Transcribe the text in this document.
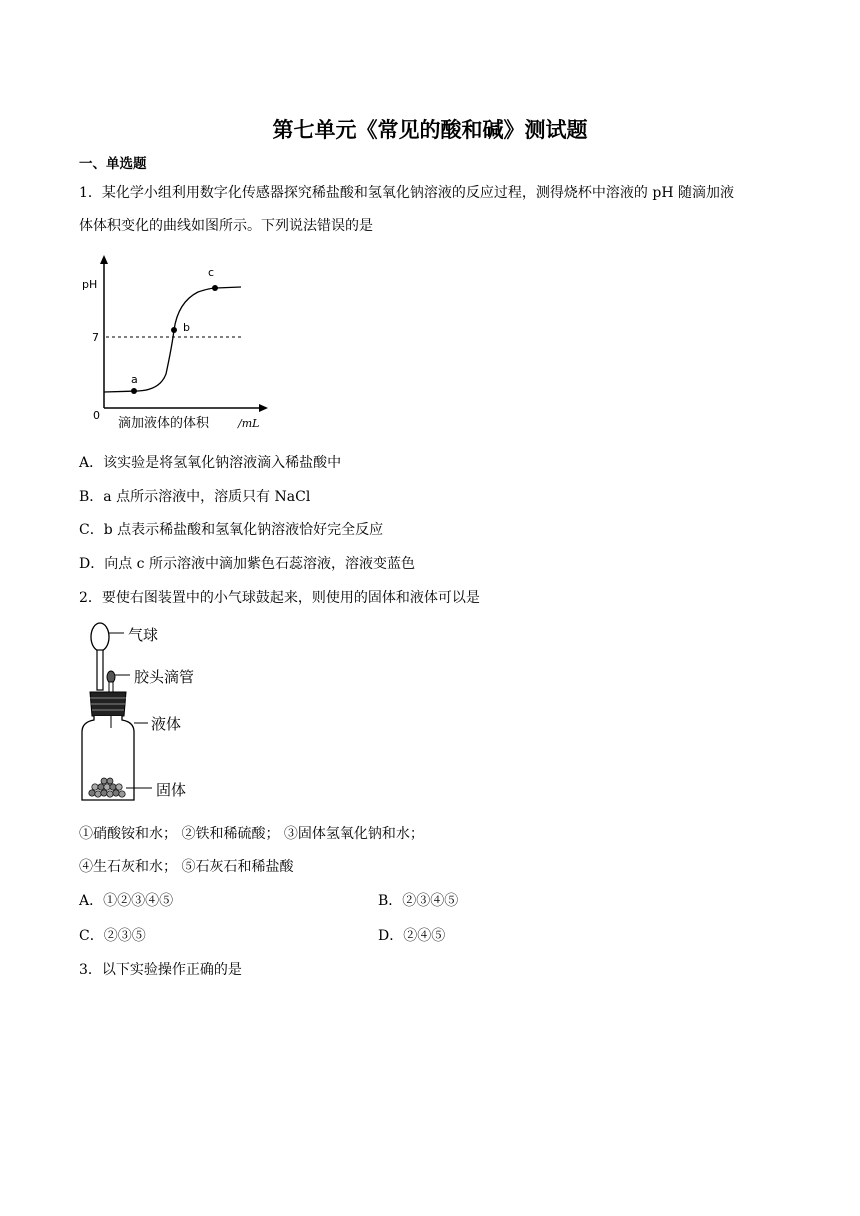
第七单元《常见的酸和碱》测试题
一、单选题
1．某化学小组利用数字化传感器探究稀盐酸和氢氧化钠溶液的反应过程，测得烧杯中溶液的 pH 随滴加液
体体积变化的曲线如图所示。下列说法错误的是
pH
7
0
a
b
c
滴加液体的体积	/mL
A．该实验是将氢氧化钠溶液滴入稀盐酸中
B．a 点所示溶液中，溶质只有 NaCl
C．b 点表示稀盐酸和氢氧化钠溶液恰好完全反应
D．向点 c 所示溶液中滴加紫色石蕊溶液，溶液变蓝色
2．要使右图装置中的小气球鼓起来，则使用的固体和液体可以是
气球
胶头滴管
液体
固体
①硝酸铵和水； ②铁和稀硫酸； ③固体氢氧化钠和水；
④生石灰和水； ⑤石灰石和稀盐酸
A．①②③④⑤	B．②③④⑤
C．②③⑤	D．②④⑤
3．以下实验操作正确的是
